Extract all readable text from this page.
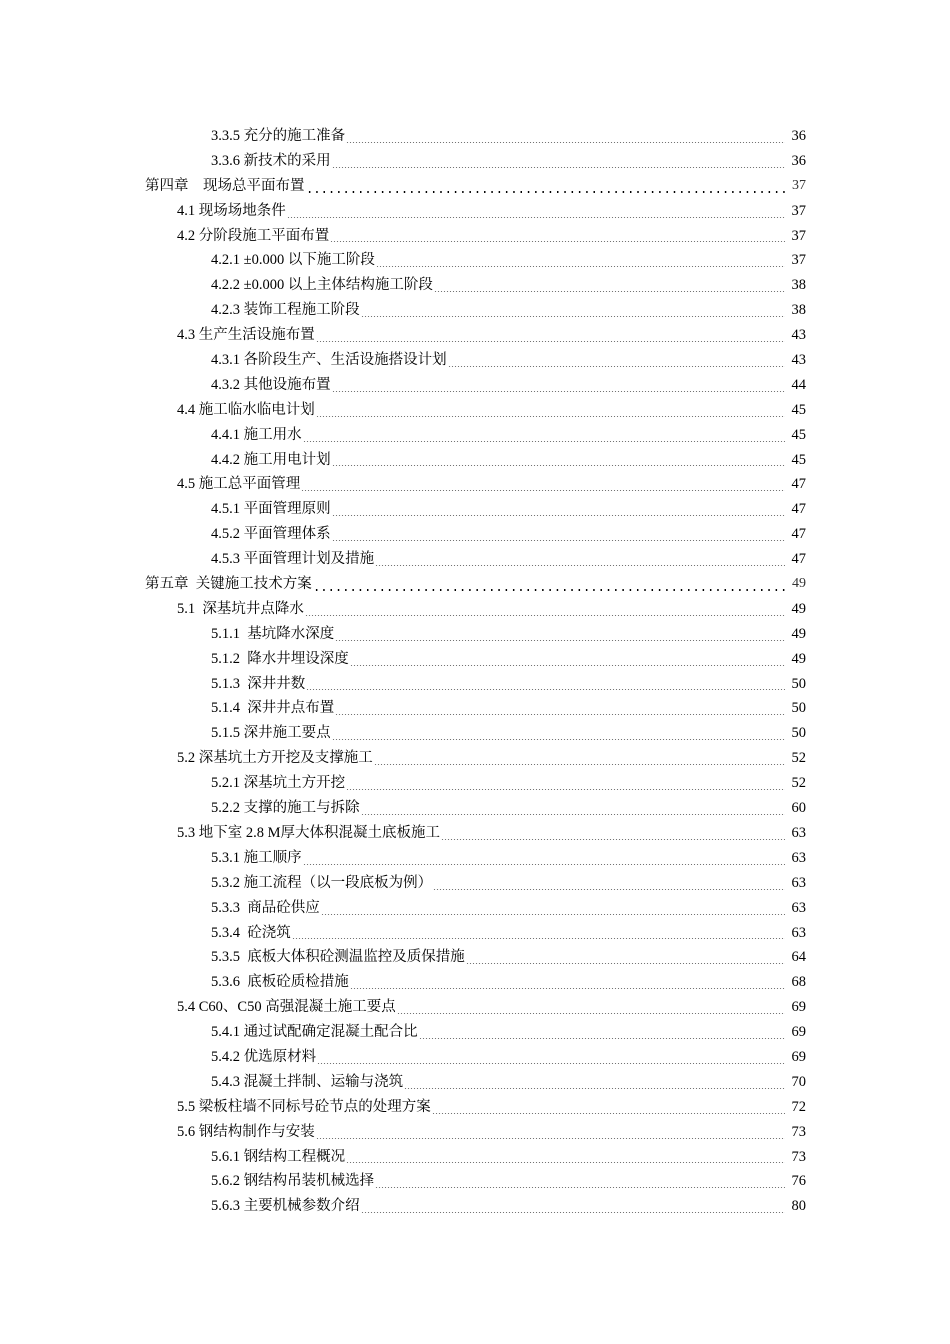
3.3.5 充分的施工准备	36
3.3.6 新技术的采用	36
第四章　现场总平面布置	37
4.1 现场场地条件	37
4.2 分阶段施工平面布置	37
4.2.1 ±0.000 以下施工阶段	37
4.2.2 ±0.000 以上主体结构施工阶段	38
4.2.3 装饰工程施工阶段	38
4.3 生产生活设施布置	43
4.3.1 各阶段生产、生活设施搭设计划	43
4.3.2 其他设施布置	44
4.4 施工临水临电计划	45
4.4.1 施工用水	45
4.4.2 施工用电计划	45
4.5 施工总平面管理	47
4.5.1 平面管理原则	47
4.5.2 平面管理体系	47
4.5.3 平面管理计划及措施	47
第五章  关键施工技术方案	49
5.1  深基坑井点降水	49
5.1.1  基坑降水深度	49
5.1.2  降水井埋设深度	49
5.1.3  深井井数	50
5.1.4  深井井点布置	50
5.1.5 深井施工要点	50
5.2 深基坑土方开挖及支撑施工	52
5.2.1 深基坑土方开挖	52
5.2.2 支撑的施工与拆除	60
5.3 地下室 2.8 M厚大体积混凝土底板施工	63
5.3.1 施工顺序	63
5.3.2 施工流程（以一段底板为例）	63
5.3.3  商品砼供应	63
5.3.4  砼浇筑	63
5.3.5  底板大体积砼测温监控及质保措施	64
5.3.6  底板砼质检措施	68
5.4 C60、C50 高强混凝土施工要点	69
5.4.1 通过试配确定混凝土配合比	69
5.4.2 优选原材料	69
5.4.3 混凝土拌制、运输与浇筑	70
5.5 梁板柱墙不同标号砼节点的处理方案	72
5.6 钢结构制作与安装	73
5.6.1 钢结构工程概况	73
5.6.2 钢结构吊装机械选择	76
5.6.3 主要机械参数介绍	80
